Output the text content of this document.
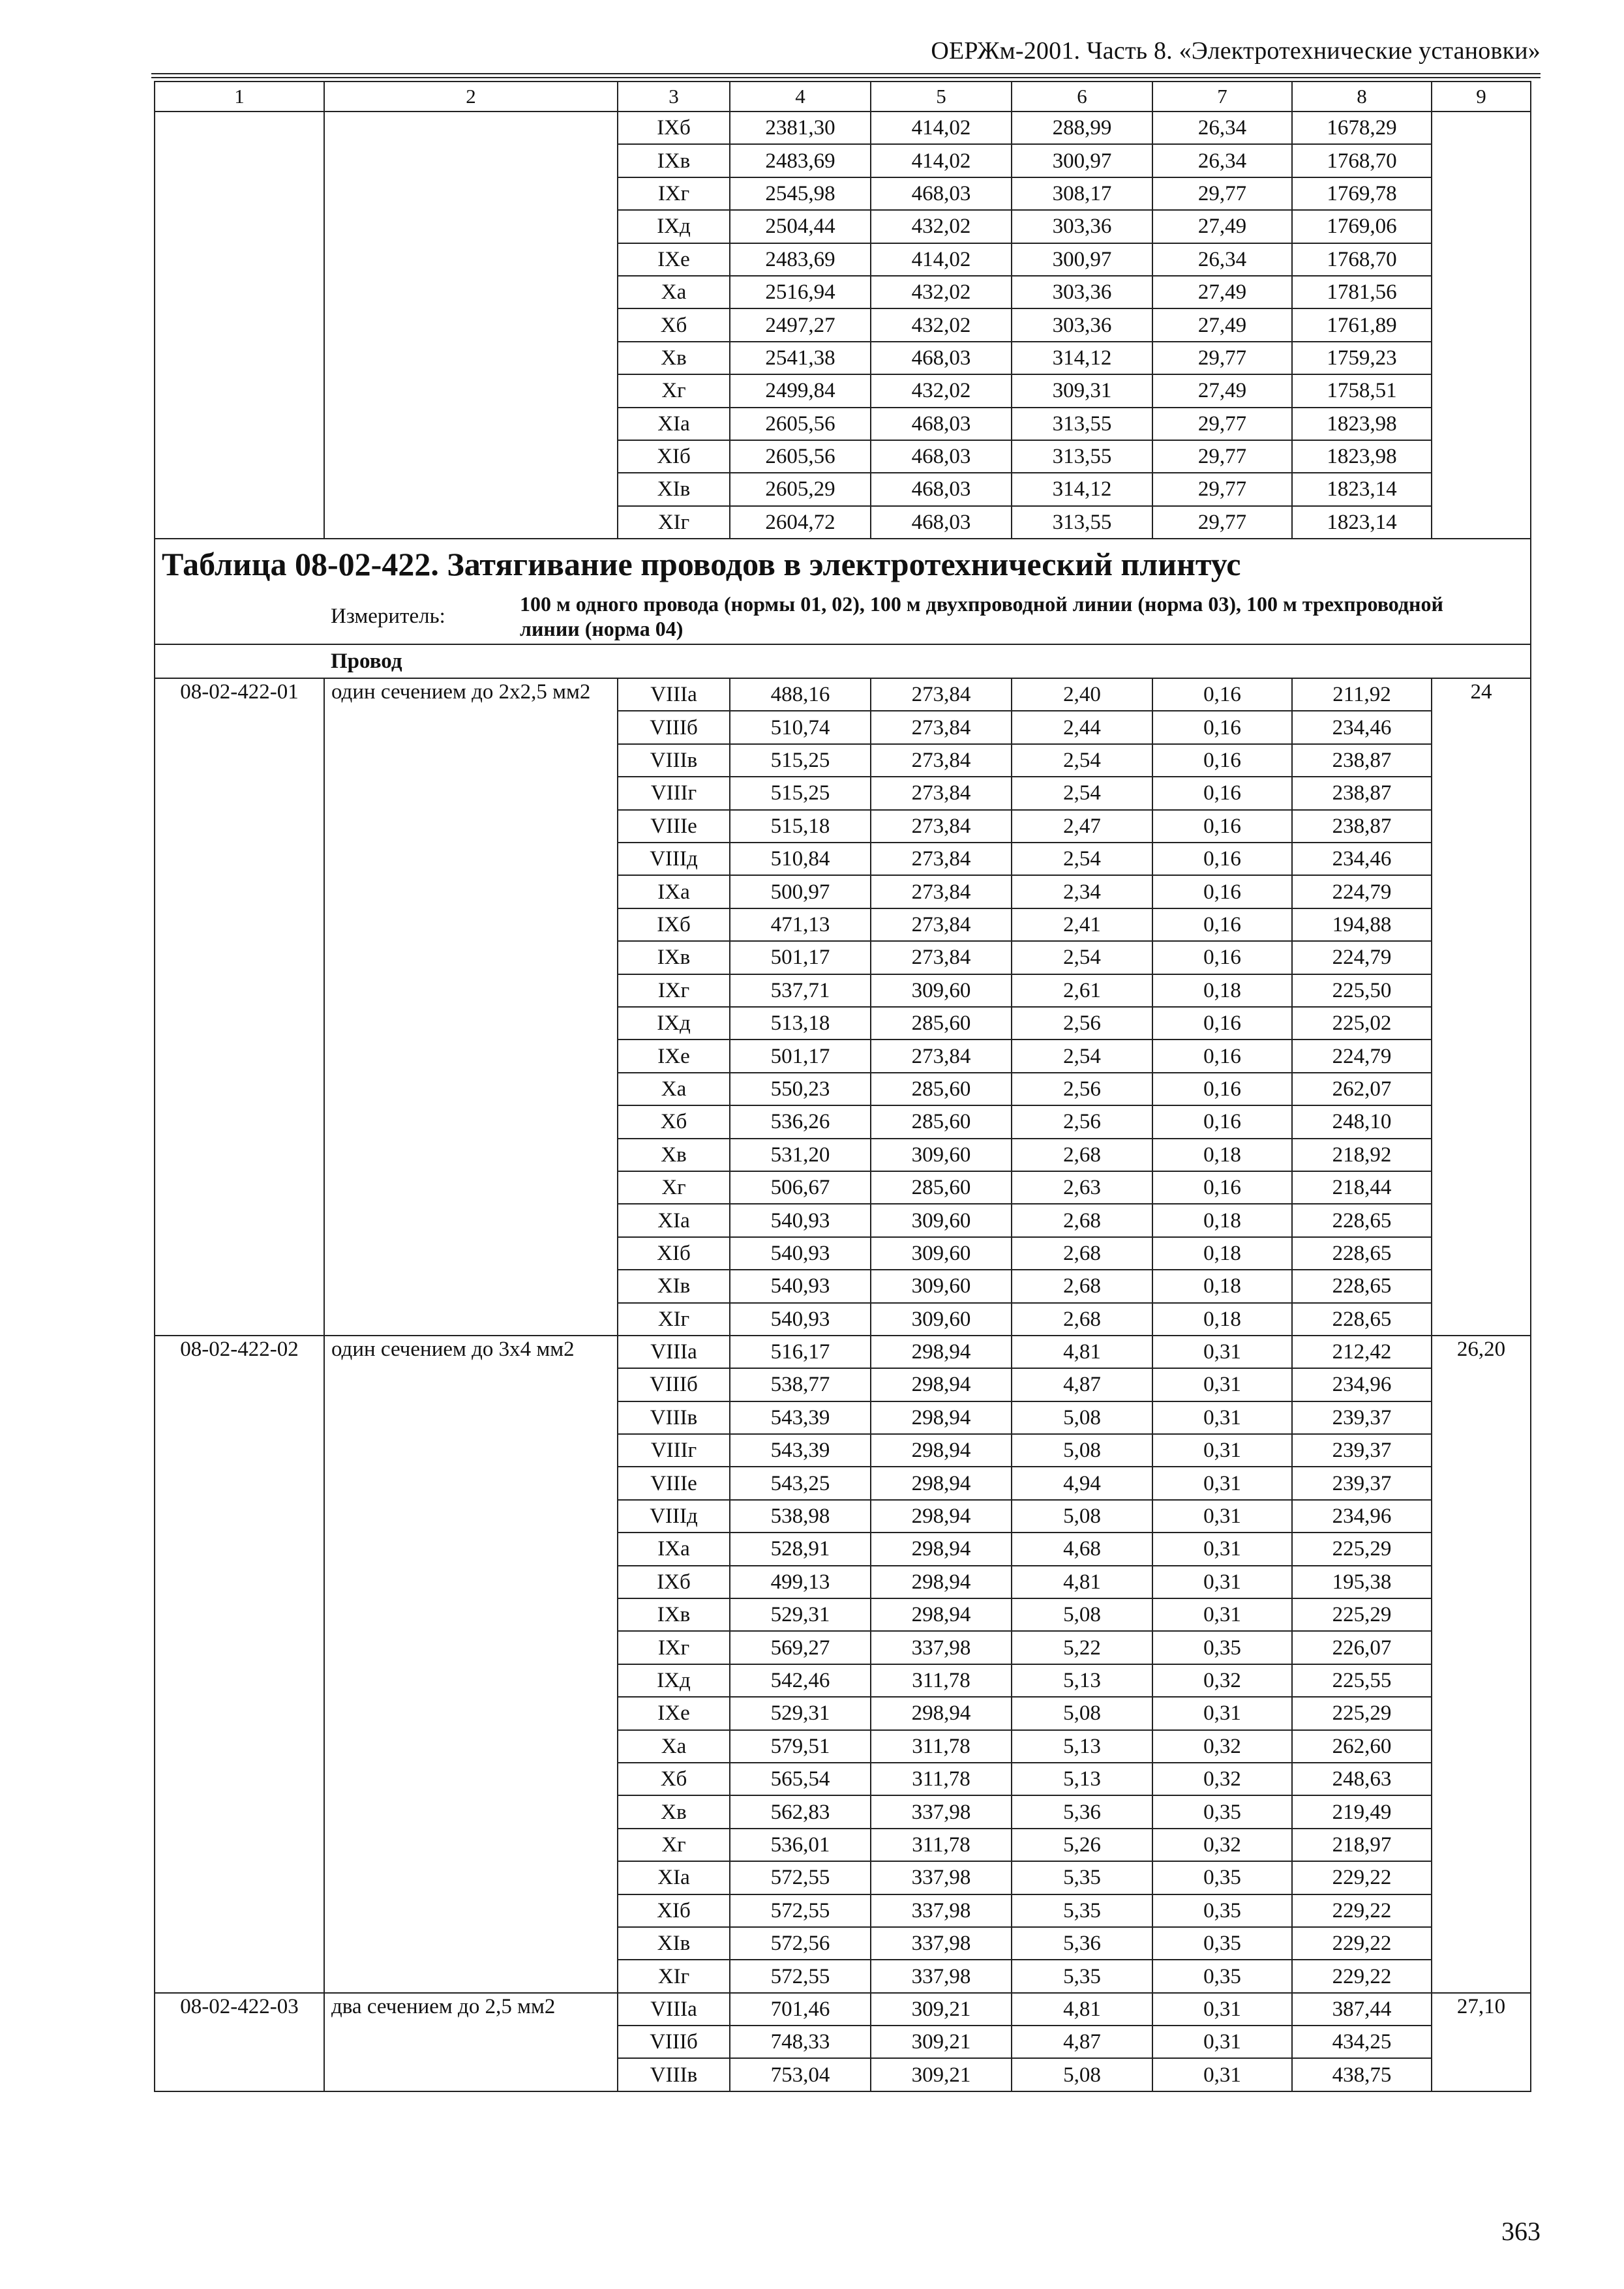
ОЕРЖм-2001. Часть 8. «Электротехнические установки»
1	2	3	4	5	6	7	8	9
		IXб	2381,30	414,02	288,99	26,34	1678,29	
		IXв	2483,69	414,02	300,97	26,34	1768,70	
		IXг	2545,98	468,03	308,17	29,77	1769,78	
		IXд	2504,44	432,02	303,36	27,49	1769,06	
		IXе	2483,69	414,02	300,97	26,34	1768,70	
		Xа	2516,94	432,02	303,36	27,49	1781,56	
		Xб	2497,27	432,02	303,36	27,49	1761,89	
		Xв	2541,38	468,03	314,12	29,77	1759,23	
		Xг	2499,84	432,02	309,31	27,49	1758,51	
		XIа	2605,56	468,03	313,55	29,77	1823,98	
		XIб	2605,56	468,03	313,55	29,77	1823,98	
		XIв	2605,29	468,03	314,12	29,77	1823,14	
		XIг	2604,72	468,03	313,55	29,77	1823,14	
Таблица 08-02-422. Затягивание проводов в электротехнический плинтус								
	Измеритель:100 м одного провода (нормы 01, 02), 100 м двухпроводной линии (норма 03), 100 м трехпроводной линии (норма 04)							
	Провод							
08-02-422-01	один сечением до 2х2,5 мм2	VIIIа	488,16	273,84	2,40	0,16	211,92	24
		VIIIб	510,74	273,84	2,44	0,16	234,46	
		VIIIв	515,25	273,84	2,54	0,16	238,87	
		VIIIг	515,25	273,84	2,54	0,16	238,87	
		VIIIе	515,18	273,84	2,47	0,16	238,87	
		VIIIд	510,84	273,84	2,54	0,16	234,46	
		IXа	500,97	273,84	2,34	0,16	224,79	
		IXб	471,13	273,84	2,41	0,16	194,88	
		IXв	501,17	273,84	2,54	0,16	224,79	
		IXг	537,71	309,60	2,61	0,18	225,50	
		IXд	513,18	285,60	2,56	0,16	225,02	
		IXе	501,17	273,84	2,54	0,16	224,79	
		Xа	550,23	285,60	2,56	0,16	262,07	
		Xб	536,26	285,60	2,56	0,16	248,10	
		Xв	531,20	309,60	2,68	0,18	218,92	
		Xг	506,67	285,60	2,63	0,16	218,44	
		XIа	540,93	309,60	2,68	0,18	228,65	
		XIб	540,93	309,60	2,68	0,18	228,65	
		XIв	540,93	309,60	2,68	0,18	228,65	
		XIг	540,93	309,60	2,68	0,18	228,65	
08-02-422-02	один сечением до 3х4 мм2	VIIIа	516,17	298,94	4,81	0,31	212,42	26,20
		VIIIб	538,77	298,94	4,87	0,31	234,96	
		VIIIв	543,39	298,94	5,08	0,31	239,37	
		VIIIг	543,39	298,94	5,08	0,31	239,37	
		VIIIе	543,25	298,94	4,94	0,31	239,37	
		VIIIд	538,98	298,94	5,08	0,31	234,96	
		IXа	528,91	298,94	4,68	0,31	225,29	
		IXб	499,13	298,94	4,81	0,31	195,38	
		IXв	529,31	298,94	5,08	0,31	225,29	
		IXг	569,27	337,98	5,22	0,35	226,07	
		IXд	542,46	311,78	5,13	0,32	225,55	
		IXе	529,31	298,94	5,08	0,31	225,29	
		Xа	579,51	311,78	5,13	0,32	262,60	
		Xб	565,54	311,78	5,13	0,32	248,63	
		Xв	562,83	337,98	5,36	0,35	219,49	
		Xг	536,01	311,78	5,26	0,32	218,97	
		XIа	572,55	337,98	5,35	0,35	229,22	
		XIб	572,55	337,98	5,35	0,35	229,22	
		XIв	572,56	337,98	5,36	0,35	229,22	
		XIг	572,55	337,98	5,35	0,35	229,22	
08-02-422-03	два сечением до 2,5 мм2	VIIIа	701,46	309,21	4,81	0,31	387,44	27,10
		VIIIб	748,33	309,21	4,87	0,31	434,25	
		VIIIв	753,04	309,21	5,08	0,31	438,75	
363
